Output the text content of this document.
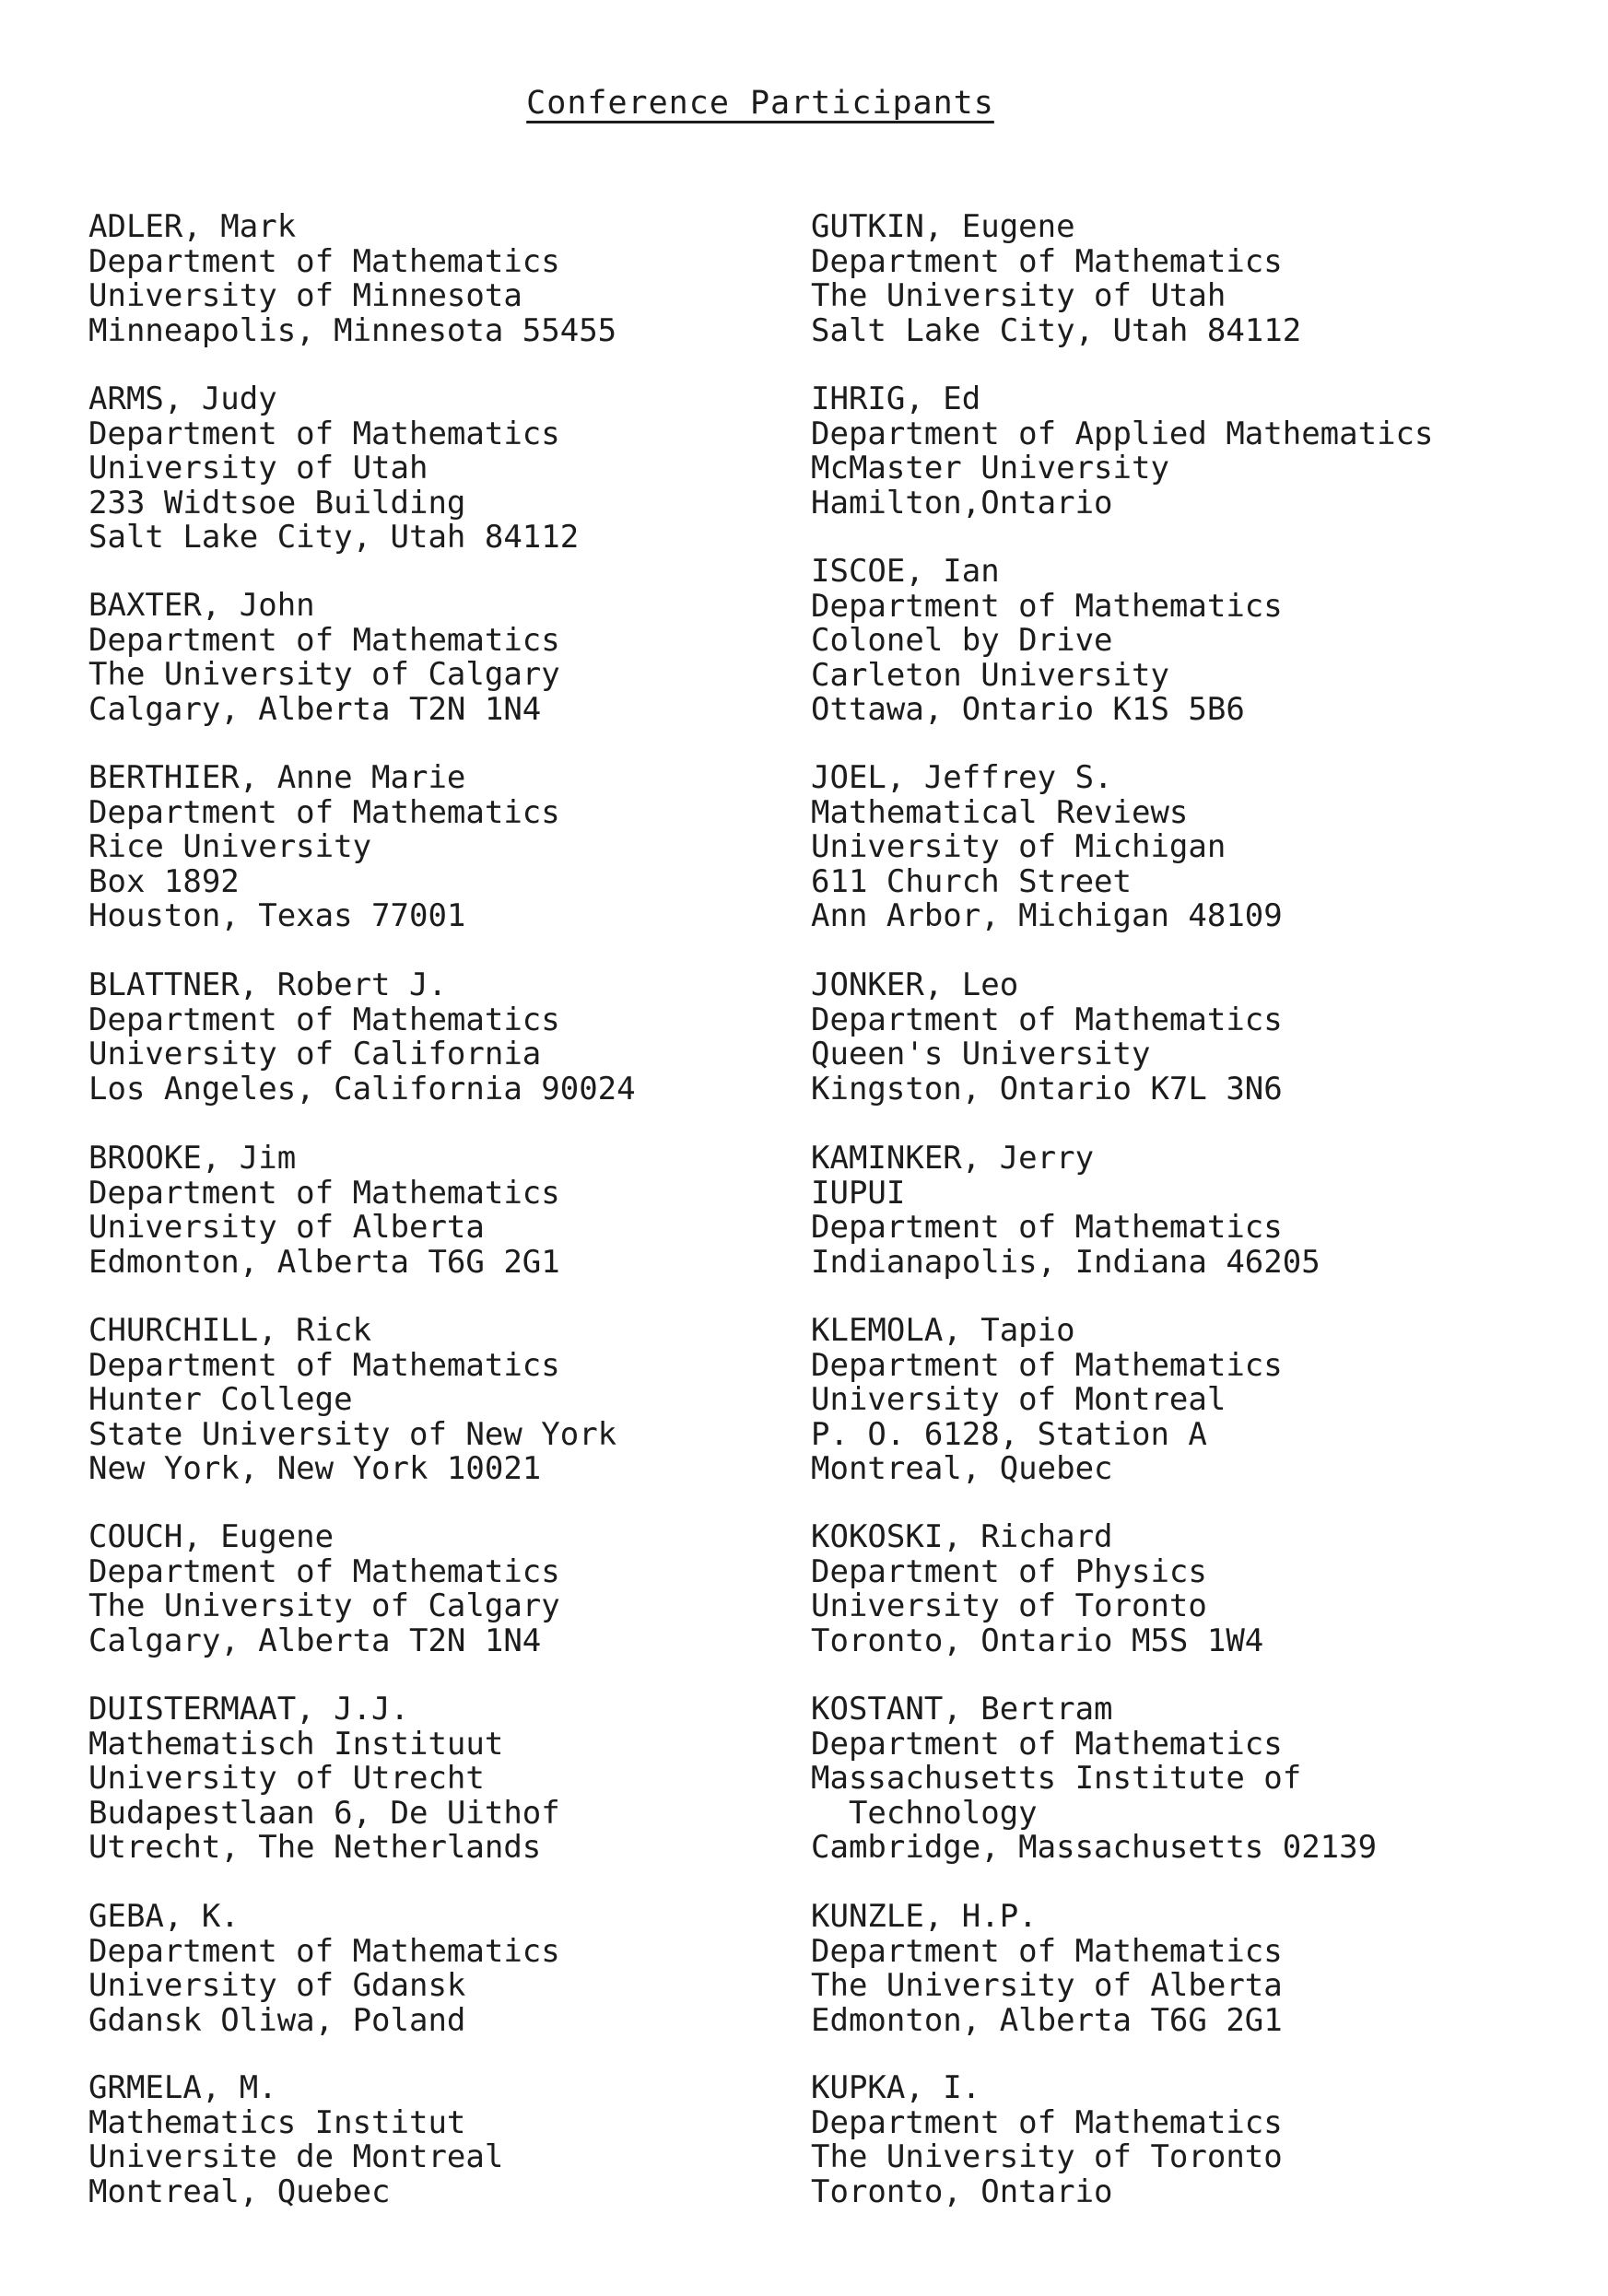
Conference Participants
ADLER, Mark
Department of Mathematics
University of Minnesota
Minneapolis, Minnesota 55455
ARMS, Judy
Department of Mathematics
University of Utah
233 Widtsoe Building
Salt Lake City, Utah 84112
BAXTER, John
Department of Mathematics
The University of Calgary
Calgary, Alberta T2N 1N4
BERTHIER, Anne Marie
Department of Mathematics
Rice University
Box 1892
Houston, Texas 77001
BLATTNER, Robert J.
Department of Mathematics
University of California
Los Angeles, California 90024
BROOKE, Jim
Department of Mathematics
University of Alberta
Edmonton, Alberta T6G 2G1
CHURCHILL, Rick
Department of Mathematics
Hunter College
State University of New York
New York, New York 10021
COUCH, Eugene
Department of Mathematics
The University of Calgary
Calgary, Alberta T2N 1N4
DUISTERMAAT, J.J.
Mathematisch Instituut
University of Utrecht
Budapestlaan 6, De Uithof
Utrecht, The Netherlands
GEBA, K.
Department of Mathematics
University of Gdansk
Gdansk Oliwa, Poland
GRMELA, M.
Mathematics Institut
Universite de Montreal
Montreal, Quebec
GUTKIN, Eugene
Department of Mathematics
The University of Utah
Salt Lake City, Utah 84112
IHRIG, Ed
Department of Applied Mathematics
McMaster University
Hamilton,Ontario
ISCOE, Ian
Department of Mathematics
Colonel by Drive
Carleton University
Ottawa, Ontario K1S 5B6
JOEL, Jeffrey S.
Mathematical Reviews
University of Michigan
611 Church Street
Ann Arbor, Michigan 48109
JONKER, Leo
Department of Mathematics
Queen's University
Kingston, Ontario K7L 3N6
KAMINKER, Jerry
IUPUI
Department of Mathematics
Indianapolis, Indiana 46205
KLEMOLA, Tapio
Department of Mathematics
University of Montreal
P. O. 6128, Station A
Montreal, Quebec
KOKOSKI, Richard
Department of Physics
University of Toronto
Toronto, Ontario M5S 1W4
KOSTANT, Bertram
Department of Mathematics
Massachusetts Institute of
Technology
Cambridge, Massachusetts 02139
KUNZLE, H.P.
Department of Mathematics
The University of Alberta
Edmonton, Alberta T6G 2G1
KUPKA, I.
Department of Mathematics
The University of Toronto
Toronto, Ontario
